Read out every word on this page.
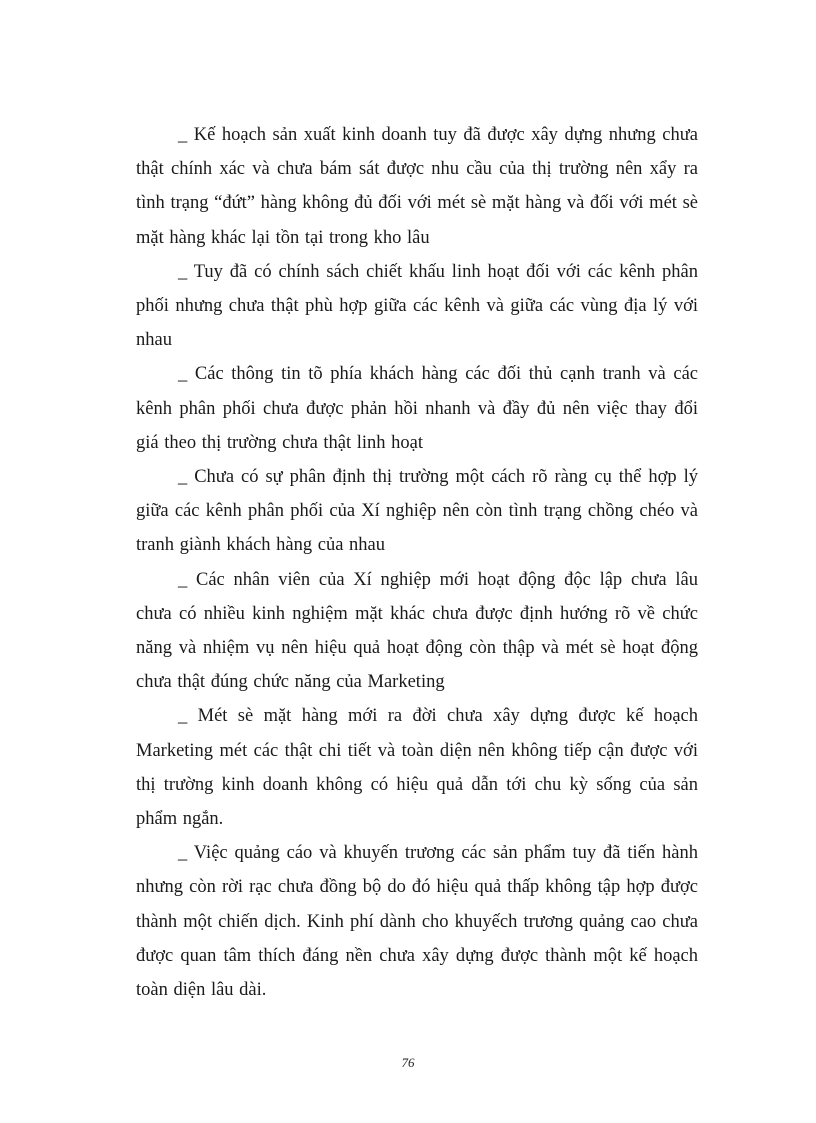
_ Kế hoạch sản xuất kinh doanh tuy đã được xây dựng nhưng chưa thật chính xác và chưa bám sát được nhu cầu của thị trường nên xẩy ra tình trạng “đứt” hàng không đủ đối với mét sè mặt hàng và đối với mét sè mặt hàng khác lại tồn tại trong kho lâu

_ Tuy đã có chính sách chiết khấu linh hoạt đối với các kênh phân phối nhưng chưa thật phù hợp giữa các kênh và giữa các vùng địa lý với nhau

_ Các thông tin tõ phía khách hàng các đối thủ cạnh tranh và các kênh phân phối chưa được phản hồi nhanh và đầy đủ nên việc thay đổi giá theo thị trường chưa thật linh hoạt

_ Chưa có sự phân định thị trường một cách rõ ràng cụ thể hợp lý giữa các kênh phân phối của Xí nghiệp nên còn tình trạng chồng chéo và tranh giành khách hàng của nhau

_ Các nhân viên của Xí nghiệp mới hoạt động độc lập chưa lâu chưa có nhiều kinh nghiệm mặt khác chưa được định hướng rõ về chức năng và nhiệm vụ nên hiệu quả hoạt động còn thập và mét sè hoạt động chưa thật đúng chức năng của Marketing

_ Mét sè mặt hàng mới ra đời chưa xây dựng được kế hoạch Marketing mét các thật chi tiết và toàn diện nên không tiếp cận được với thị trường kinh doanh không có hiệu quả dẫn tới chu kỳ sống của sản phẩm ngắn.

_ Việc quảng cáo và khuyến trương các sản phẩm tuy đã tiến hành nhưng còn rời rạc chưa đồng bộ do đó hiệu quả thấp không tập hợp được thành một chiến dịch. Kinh phí dành cho khuyếch trương quảng cao chưa được quan tâm thích đáng nền chưa xây dựng được thành một kế hoạch toàn diện lâu dài.

76
